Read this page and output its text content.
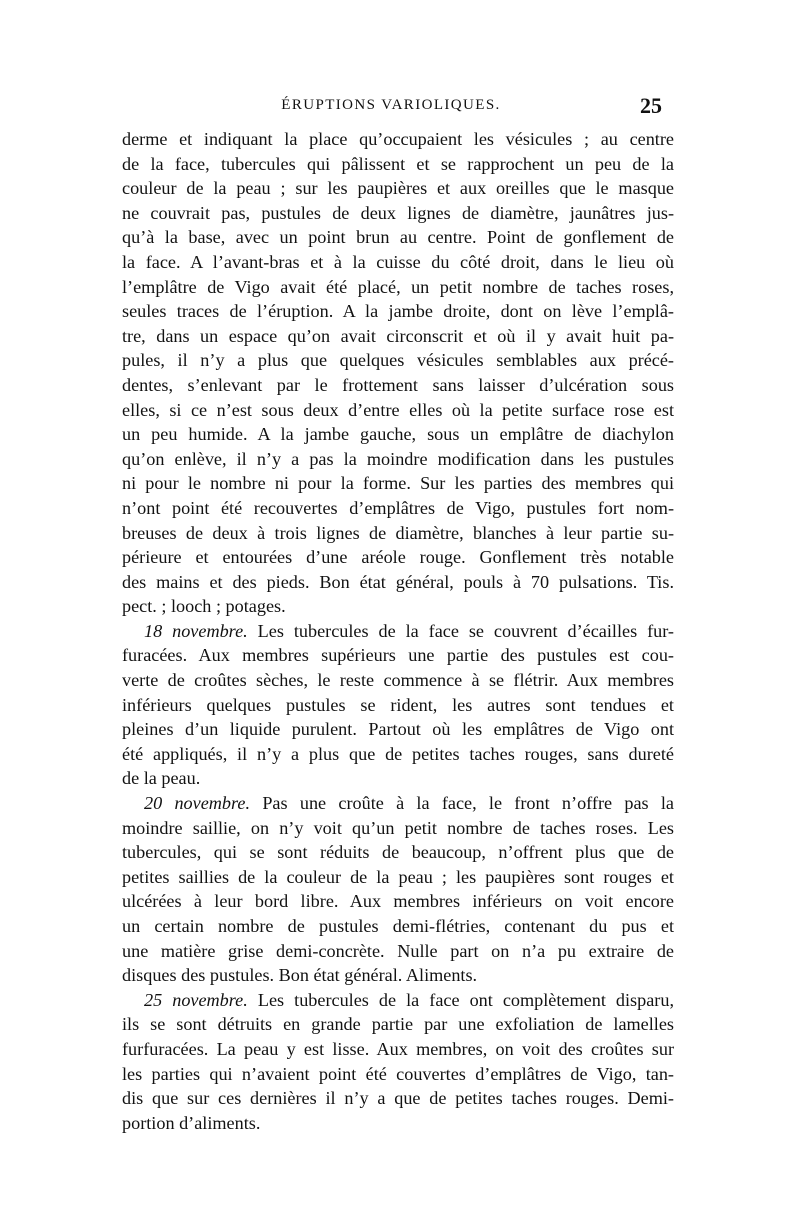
ÉRUPTIONS VARIOLIQUES.	25
derme et indiquant la place qu’occupaient les vésicules ; au centre
de la face, tubercules qui pâlissent et se rapprochent un peu de la
couleur de la peau ; sur les paupières et aux oreilles que le masque
ne couvrait pas, pustules de deux lignes de diamètre, jaunâtres jus-
qu’à la base, avec un point brun au centre. Point de gonflement de
la face. A l’avant-bras et à la cuisse du côté droit, dans le lieu où
l’emplâtre de Vigo avait été placé, un petit nombre de taches roses,
seules traces de l’éruption. A la jambe droite, dont on lève l’emplâ-
tre, dans un espace qu’on avait circonscrit et où il y avait huit pa-
pules, il n’y a plus que quelques vésicules semblables aux précé-
dentes, s’enlevant par le frottement sans laisser d’ulcération sous
elles, si ce n’est sous deux d’entre elles où la petite surface rose est
un peu humide. A la jambe gauche, sous un emplâtre de diachylon
qu’on enlève, il n’y a pas la moindre modification dans les pustules
ni pour le nombre ni pour la forme. Sur les parties des membres qui
n’ont point été recouvertes d’emplâtres de Vigo, pustules fort nom-
breuses de deux à trois lignes de diamètre, blanches à leur partie su-
périeure et entourées d’une aréole rouge. Gonflement très notable
des mains et des pieds. Bon état général, pouls à 70 pulsations. Tis.
pect. ; looch ; potages.
18 novembre. Les tubercules de la face se couvrent d’écailles fur-
furacées. Aux membres supérieurs une partie des pustules est cou-
verte de croûtes sèches, le reste commence à se flétrir. Aux membres
inférieurs quelques pustules se rident, les autres sont tendues et
pleines d’un liquide purulent. Partout où les emplâtres de Vigo ont
été appliqués, il n’y a plus que de petites taches rouges, sans dureté
de la peau.
20 novembre. Pas une croûte à la face, le front n’offre pas la
moindre saillie, on n’y voit qu’un petit nombre de taches roses. Les
tubercules, qui se sont réduits de beaucoup, n’offrent plus que de
petites saillies de la couleur de la peau ; les paupières sont rouges et
ulcérées à leur bord libre. Aux membres inférieurs on voit encore
un certain nombre de pustules demi-flétries, contenant du pus et
une matière grise demi-concrète. Nulle part on n’a pu extraire de
disques des pustules. Bon état général. Aliments.
25 novembre. Les tubercules de la face ont complètement disparu,
ils se sont détruits en grande partie par une exfoliation de lamelles
furfuracées. La peau y est lisse. Aux membres, on voit des croûtes sur
les parties qui n’avaient point été couvertes d’emplâtres de Vigo, tan-
dis que sur ces dernières il n’y a que de petites taches rouges. Demi-
portion d’aliments.
